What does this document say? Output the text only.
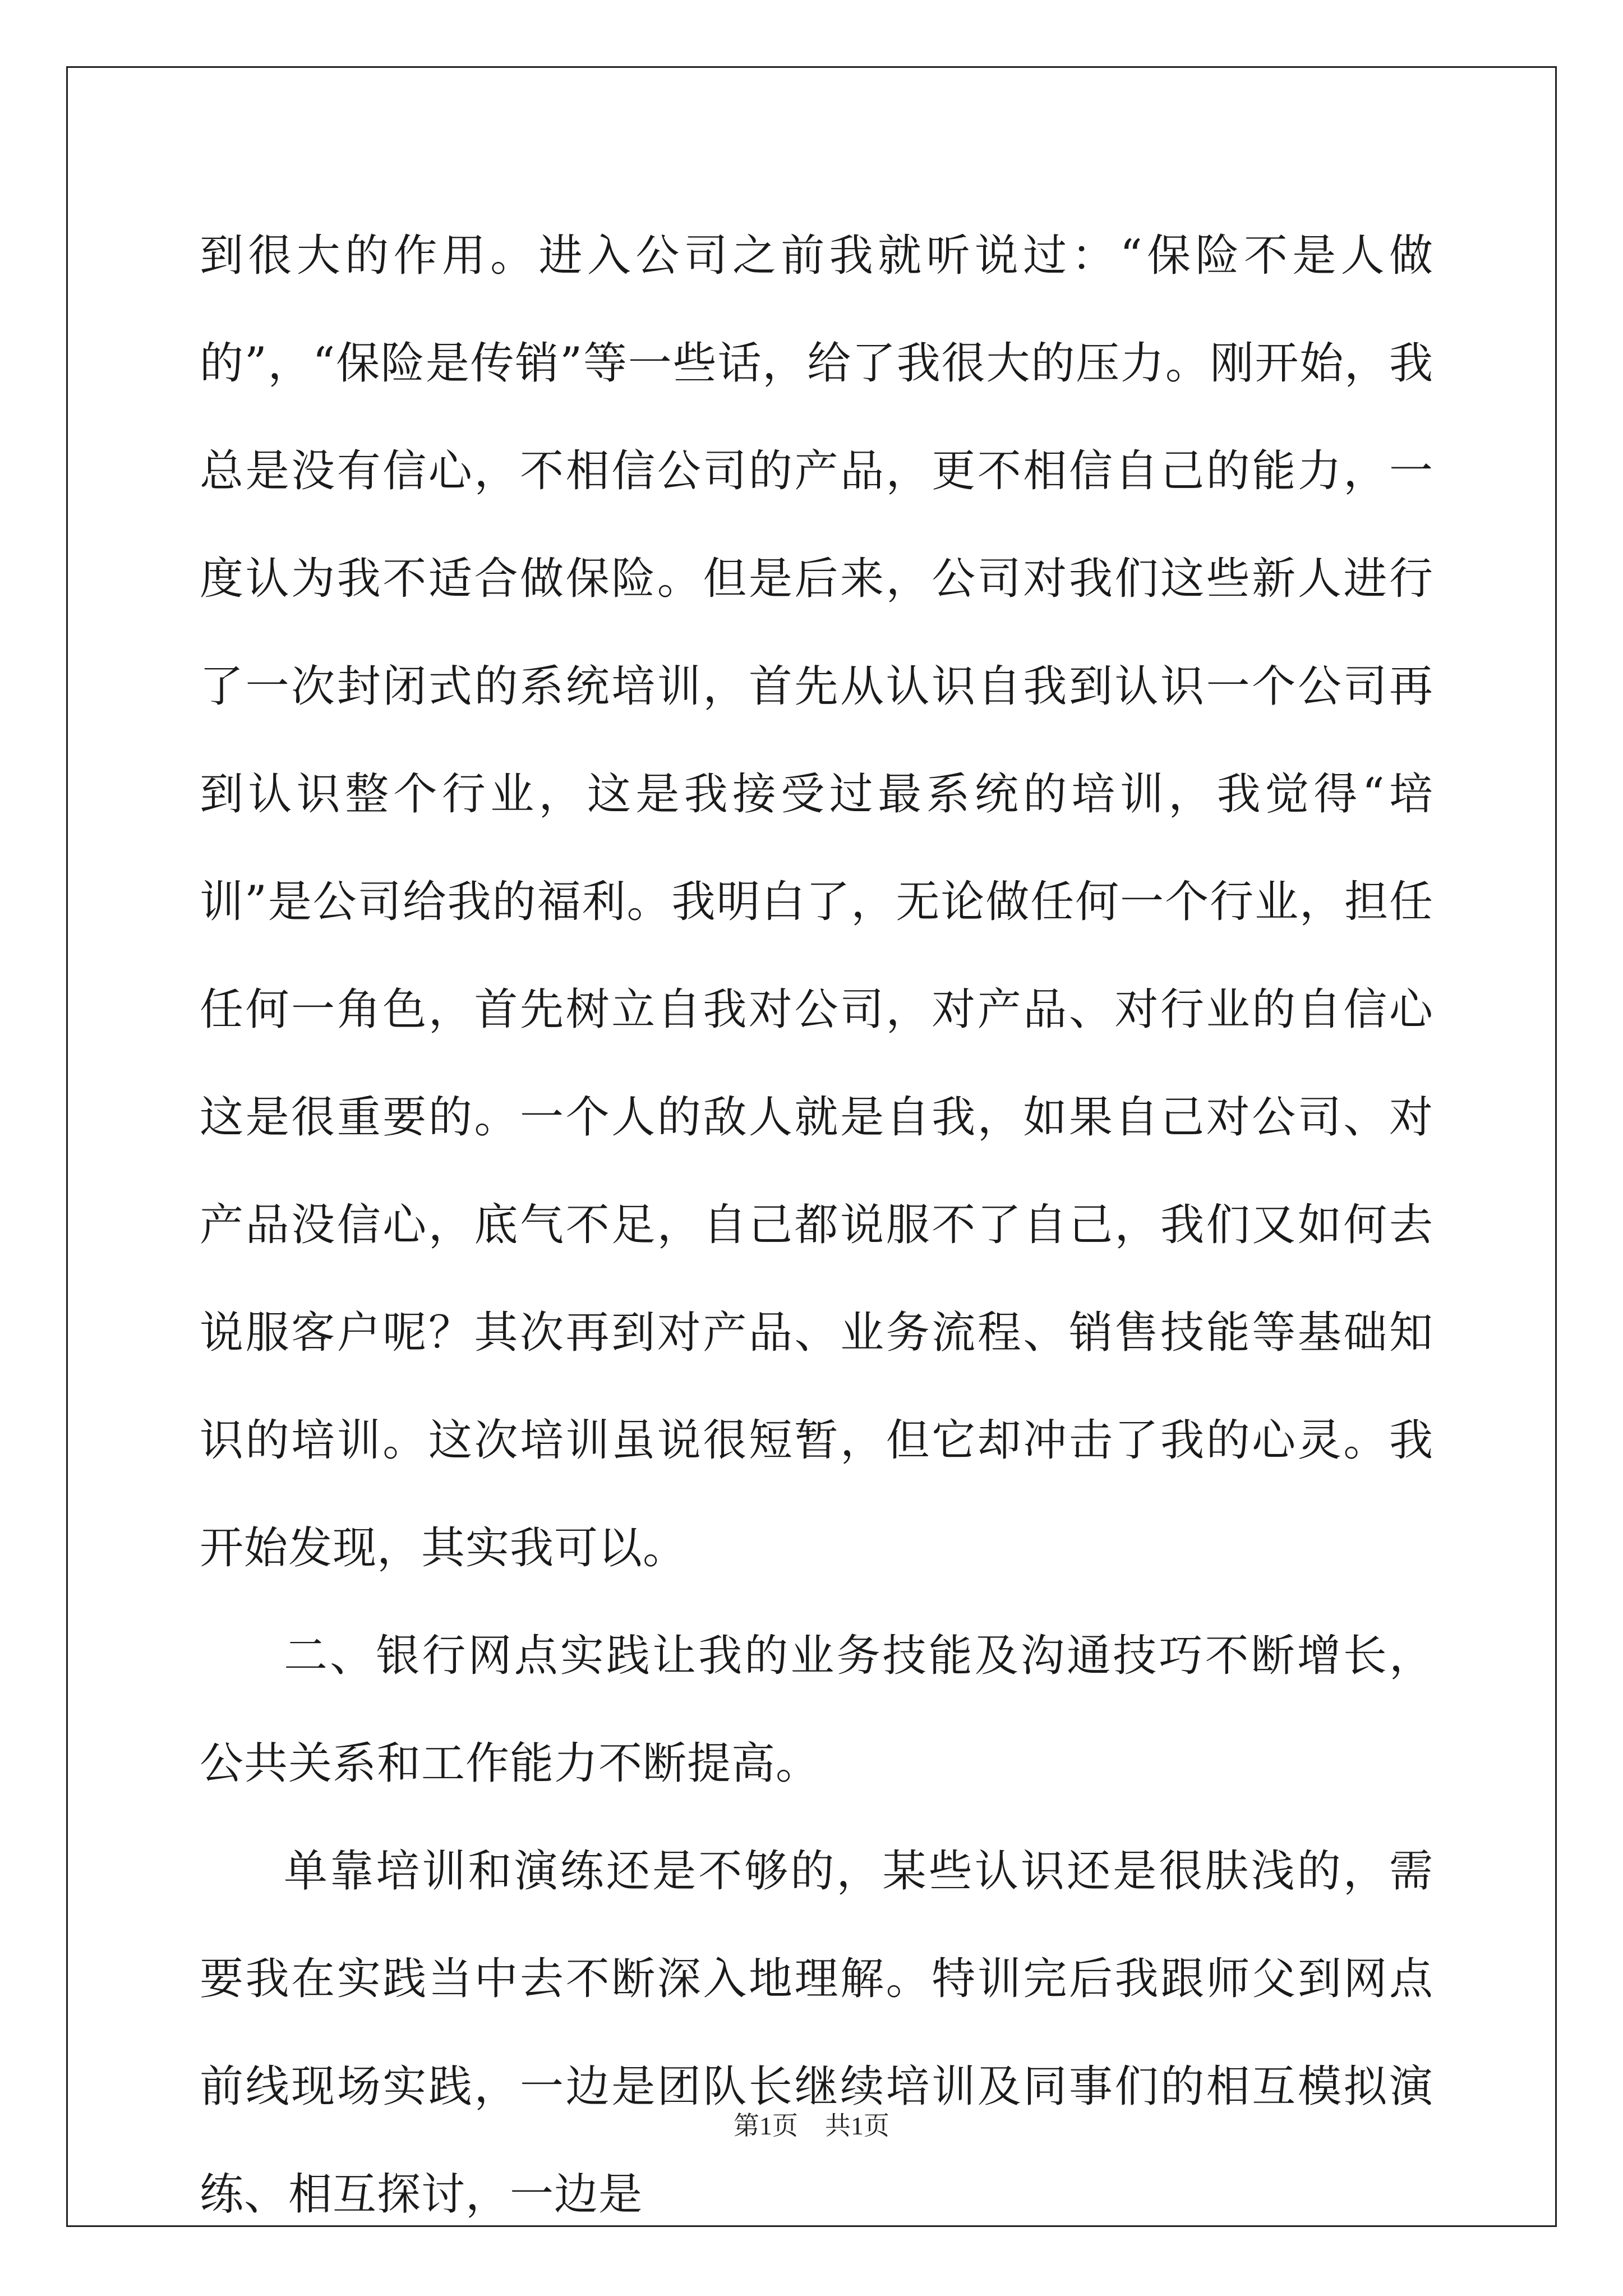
到很大的作用。进入公司之前我就听说过：“保险不是人做的”，“保险是传销”等一些话，给了我很大的压力。刚开始，我总是没有信心，不相信公司的产品，更不相信自己的能力，一度认为我不适合做保险。但是后来，公司对我们这些新人进行了一次封闭式的系统培训，首先从认识自我到认识一个公司再到认识整个行业，这是我接受过最系统的培训，我觉得“培训”是公司给我的福利。我明白了，无论做任何一个行业，担任任何一角色，首先树立自我对公司，对产品、对行业的自信心这是很重要的。一个人的敌人就是自我，如果自己对公司、对产品没信心，底气不足，自己都说服不了自己，我们又如何去说服客户呢？其次再到对产品、业务流程、销售技能等基础知识的培训。这次培训虽说很短暂，但它却冲击了我的心灵。我开始发现，其实我可以。

二、银行网点实践让我的业务技能及沟通技巧不断增长，公共关系和工作能力不断提高。

单靠培训和演练还是不够的，某些认识还是很肤浅的，需要我在实践当中去不断深入地理解。特训完后我跟师父到网点前线现场实践，一边是团队长继续培训及同事们的相互模拟演练、相互探讨，一边是

第1页 共1页
